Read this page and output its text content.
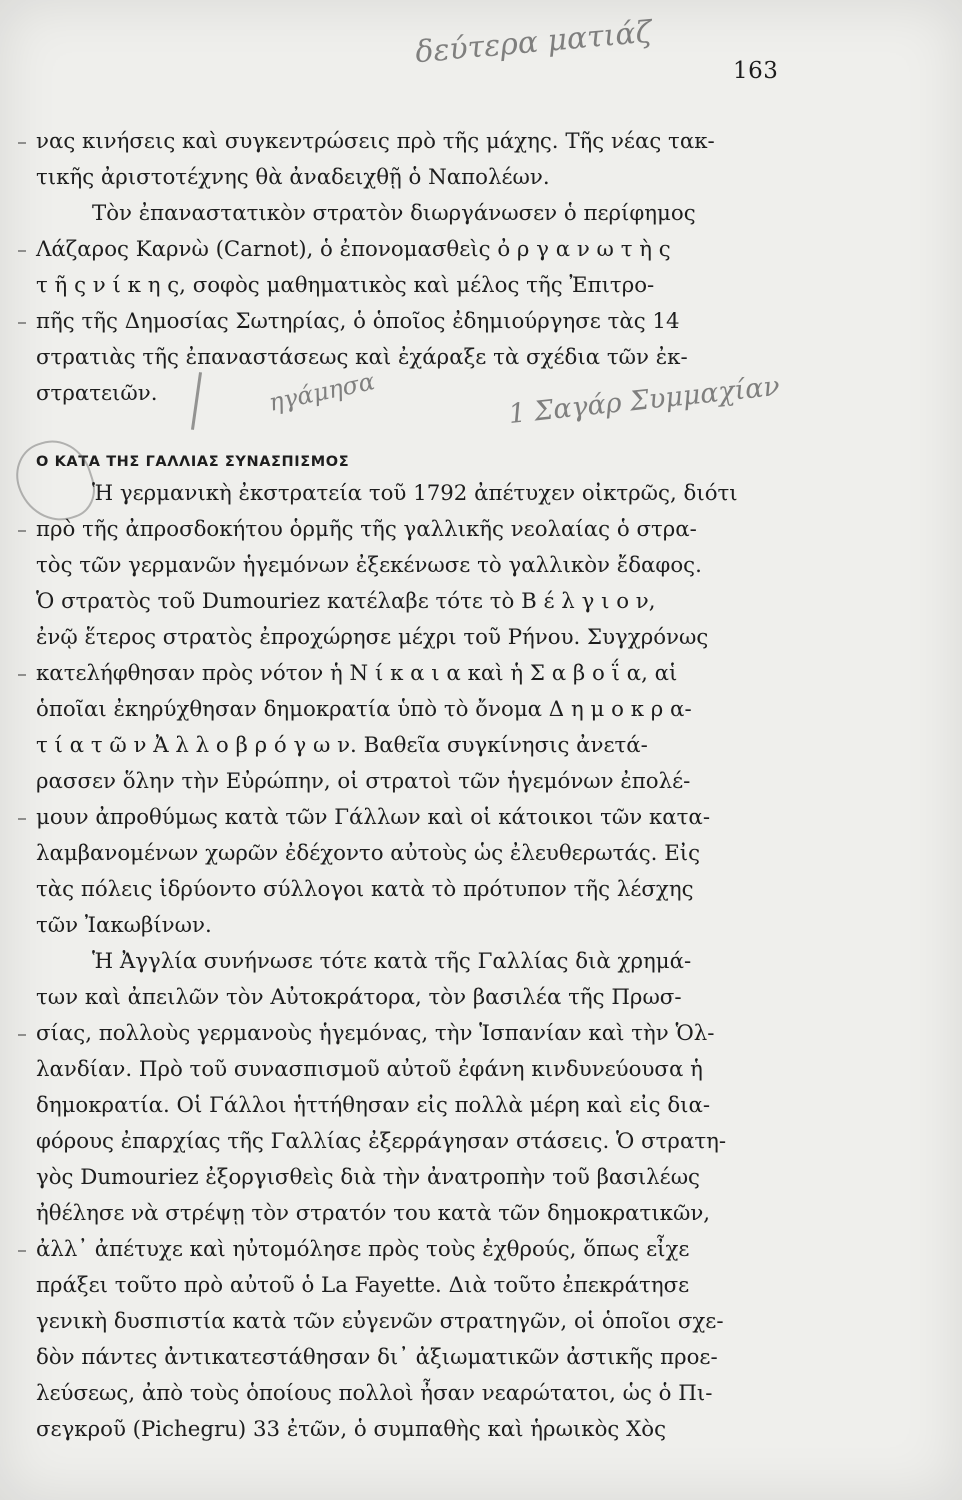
δεύτερα ματιάζ
163
νας κινήσεις καὶ συγκεντρώσεις πρὸ τῆς μάχης. Τῆς νέας τακ-
τικῆς ἀριστοτέχνης θὰ ἀναδειχθῇ ὁ Ναπολέων.
Τὸν ἐπαναστατικὸν στρατὸν διωργάνωσεν ὁ περίφημος
Λάζαρος Καρνὼ (Carnot), ὁ ἐπονομασθεὶς ὀ ρ γ α ν ω τ ὴ ς
τ ῆ ς ν ί κ η ς, σοφὸς μαθηματικὸς καὶ μέλος τῆς Ἐπιτρο-
πῆς τῆς Δημοσίας Σωτηρίας, ὁ ὁποῖος ἐδημιούργησε τὰς 14
στρατιὰς τῆς ἐπαναστάσεως καὶ ἐχάραξε τὰ σχέδια τῶν ἐκ-
στρατειῶν.	ηγάμησα	1 Σαγάρ Συμμαχίαν
Ο ΚΑΤΑ ΤΗΣ ΓΑΛΛΙΑΣ ΣΥΝΑΣΠΙΣΜΟΣ
Ἡ γερμανικὴ ἐκστρατεία τοῦ 1792 ἀπέτυχεν οἰκτρῶς, διότι
πρὸ τῆς ἀπροσδοκήτου ὁρμῆς τῆς γαλλικῆς νεολαίας ὁ στρα-
τὸς τῶν γερμανῶν ἡγεμόνων ἐξεκένωσε τὸ γαλλικὸν ἔδαφος.
Ὁ στρατὸς τοῦ Dumouriez κατέλαβε τότε τὸ Β έ λ γ ι ο ν,
ἐνῷ ἕτερος στρατὸς ἐπροχώρησε μέχρι τοῦ Ρήνου. Συγχρόνως
κατελήφθησαν πρὸς νότον ἡ Ν ί κ α ι α καὶ ἡ Σ α β ο ΐ α, αἱ
ὁποῖαι ἐκηρύχθησαν δημοκρατία ὑπὸ τὸ ὄνομα Δ η μ ο κ ρ α-
τ ί α τ ῶ ν Ἀ λ λ ο β ρ ό γ ω ν. Βαθεῖα συγκίνησις ἀνετά-
ρασσεν ὅλην τὴν Εὐρώπην, οἱ στρατοὶ τῶν ἡγεμόνων ἐπολέ-
μουν ἀπροθύμως κατὰ τῶν Γάλλων καὶ οἱ κάτοικοι τῶν κατα-
λαμβανομένων χωρῶν ἐδέχοντο αὐτοὺς ὡς ἐλευθερωτάς. Εἰς
τὰς πόλεις ἱδρύοντο σύλλογοι κατὰ τὸ πρότυπον τῆς λέσχης
τῶν Ἰακωβίνων.
Ἡ Ἀγγλία συνήνωσε τότε κατὰ τῆς Γαλλίας διὰ χρημά-
των καὶ ἀπειλῶν τὸν Αὐτοκράτορα, τὸν βασιλέα τῆς Πρωσ-
σίας, πολλοὺς γερμανοὺς ἡγεμόνας, τὴν Ἱσπανίαν καὶ τὴν Ὁλ-
λανδίαν. Πρὸ τοῦ συνασπισμοῦ αὐτοῦ ἐφάνη κινδυνεύουσα ἡ
δημοκρατία. Οἱ Γάλλοι ἡττήθησαν εἰς πολλὰ μέρη καὶ εἰς δια-
φόρους ἐπαρχίας τῆς Γαλλίας ἐξερράγησαν στάσεις. Ὁ στρατη-
γὸς Dumouriez ἐξοργισθεὶς διὰ τὴν ἀνατροπὴν τοῦ βασιλέως
ἠθέλησε νὰ στρέψῃ τὸν στρατόν του κατὰ τῶν δημοκρατικῶν,
ἀλλ᾿ ἀπέτυχε καὶ ηὐτομόλησε πρὸς τοὺς ἐχθρούς, ὅπως εἶχε
πράξει τοῦτο πρὸ αὐτοῦ ὁ La Fayette. Διὰ τοῦτο ἐπεκράτησε
γενικὴ δυσπιστία κατὰ τῶν εὐγενῶν στρατηγῶν, οἱ ὁποῖοι σχε-
δὸν πάντες ἀντικατεστάθησαν δι᾿ ἀξιωματικῶν ἀστικῆς προε-
λεύσεως, ἀπὸ τοὺς ὁποίους πολλοὶ ἦσαν νεαρώτατοι, ὡς ὁ Πι-
σεγκροῦ (Pichegru) 33 ἐτῶν, ὁ συμπαθὴς καὶ ἡρωικὸς Χὸς
